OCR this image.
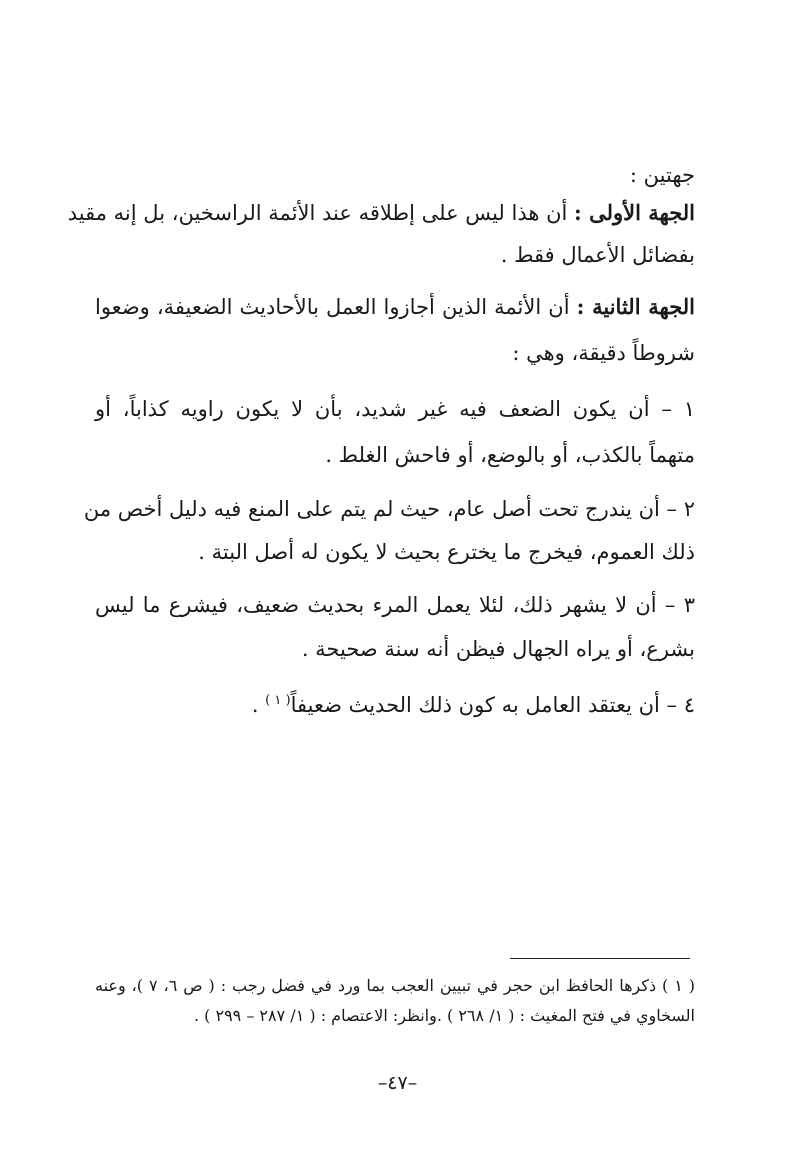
جهتين :
الجهة الأولى : أن هذا ليس على إطلاقه عند الأئمة الراسخين، بل إنه مقيد
بفضائل الأعمال فقط .
الجهة الثانية : أن الأئمة الذين أجازوا العمل بالأحاديث الضعيفة، وضعوا
شروطاً دقيقة، وهي :
١ – أن يكون الضعف فيه غير شديد، بأن لا يكون راويه كذاباً، أو
متهماً بالكذب، أو بالوضع، أو فاحش الغلط .
٢ – أن يندرج تحت أصل عام، حيث لم يتم على المنع فيه دليل أخص من
ذلك العموم، فيخرج ما يخترع بحيث لا يكون له أصل البتة .
٣ – أن لا يشهر ذلك، لئلا يعمل المرء بحديث ضعيف، فيشرع ما ليس
بشرع، أو يراه الجهال فيظن أنه سنة صحيحة .
٤ – أن يعتقد العامل به كون ذلك الحديث ضعيفاً$^{( ١ )}$ .
( ١ ) ذكرها الحافظ ابن حجر في تبيين العجب بما ورد في فضل رجب : ( ص ٦، ٧ )، وعنه
السخاوي في فتح المغيث : ( ١/ ٢٦٨ ) .وانظر: الاعتصام : ( ١/ ٢٨٧ – ٢٩٩ ) .
–٤٧–
